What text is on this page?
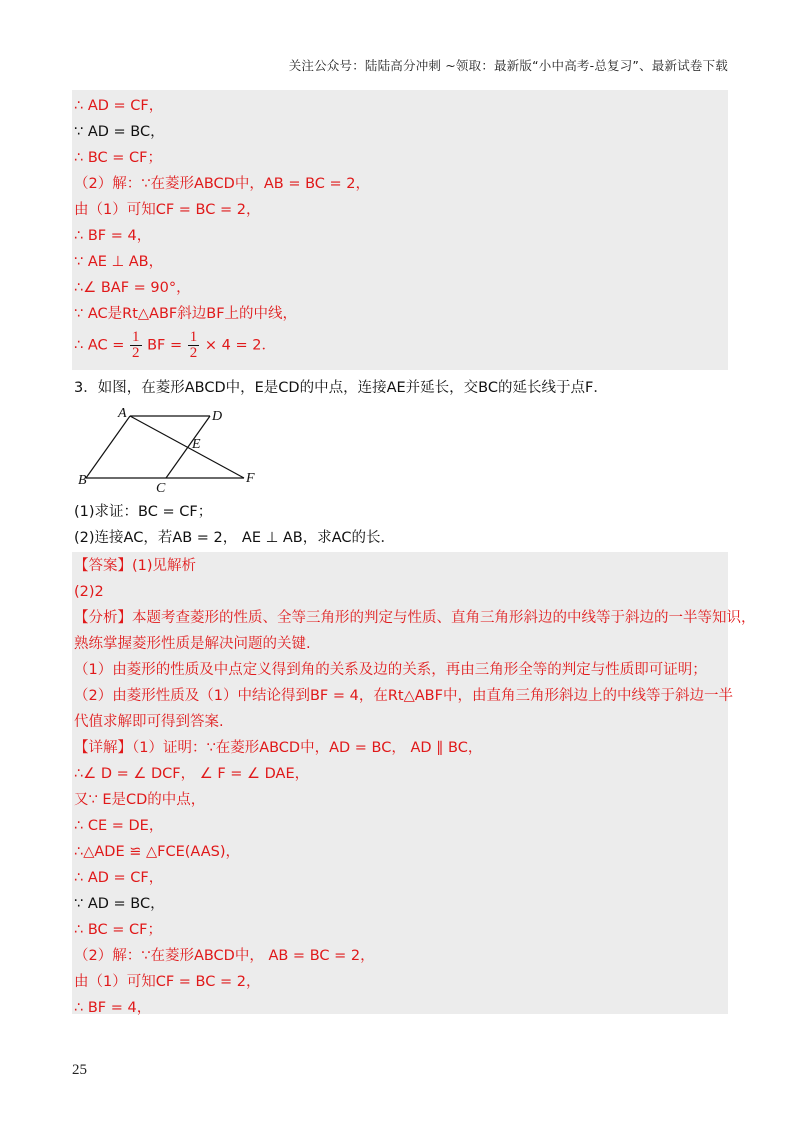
关注公众号：陆陆高分冲刺 ~领取：最新版“小中高考-总复习”、最新试卷下载
∴ AD = CF，
∵ AD = BC，
∴ BC = CF；
（2）解：∵在菱形ABCD中，AB = BC = 2，
由（1）可知CF = BC = 2，
∴ BF = 4，
∵ AE ⊥ AB，
∴∠ BAF = 90°，
∵ AC是Rt△ABF斜边BF上的中线，
∴ AC = $\frac{1}{2}$ BF = $\frac{1}{2} \times 4 = 2$．
3．如图，在菱形ABCD中，E是CD的中点，连接AE并延长，交BC的延长线于点F．
A	D
E
B
C
F
(1)求证：BC = CF；
(2)连接AC，若AB = 2， AE ⊥ AB，求AC的长．
【答案】(1)见解析
(2)2
【分析】本题考查菱形的性质、全等三角形的判定与性质、直角三角形斜边的中线等于斜边的一半等知识，
熟练掌握菱形性质是解决问题的关键.
（1）由菱形的性质及中点定义得到角的关系及边的关系，再由三角形全等的判定与性质即可证明；
（2）由菱形性质及（1）中结论得到BF = 4，在Rt△ABF中，由直角三角形斜边上的中线等于斜边一半
代值求解即可得到答案.
【详解】（1）证明：∵在菱形ABCD中，AD = BC， AD ∥ BC，
∴∠ D = ∠ DCF， ∠ F = ∠ DAE，
又∵ E是CD的中点，
∴ CE = DE，
∴△ADE ≌ △FCE(AAS)，
∴ AD = CF，
∵ AD = BC，
∴ BC = CF；
（2）解：∵在菱形ABCD中， AB = BC = 2，
由（1）可知CF = BC = 2，
∴ BF = 4，
25
